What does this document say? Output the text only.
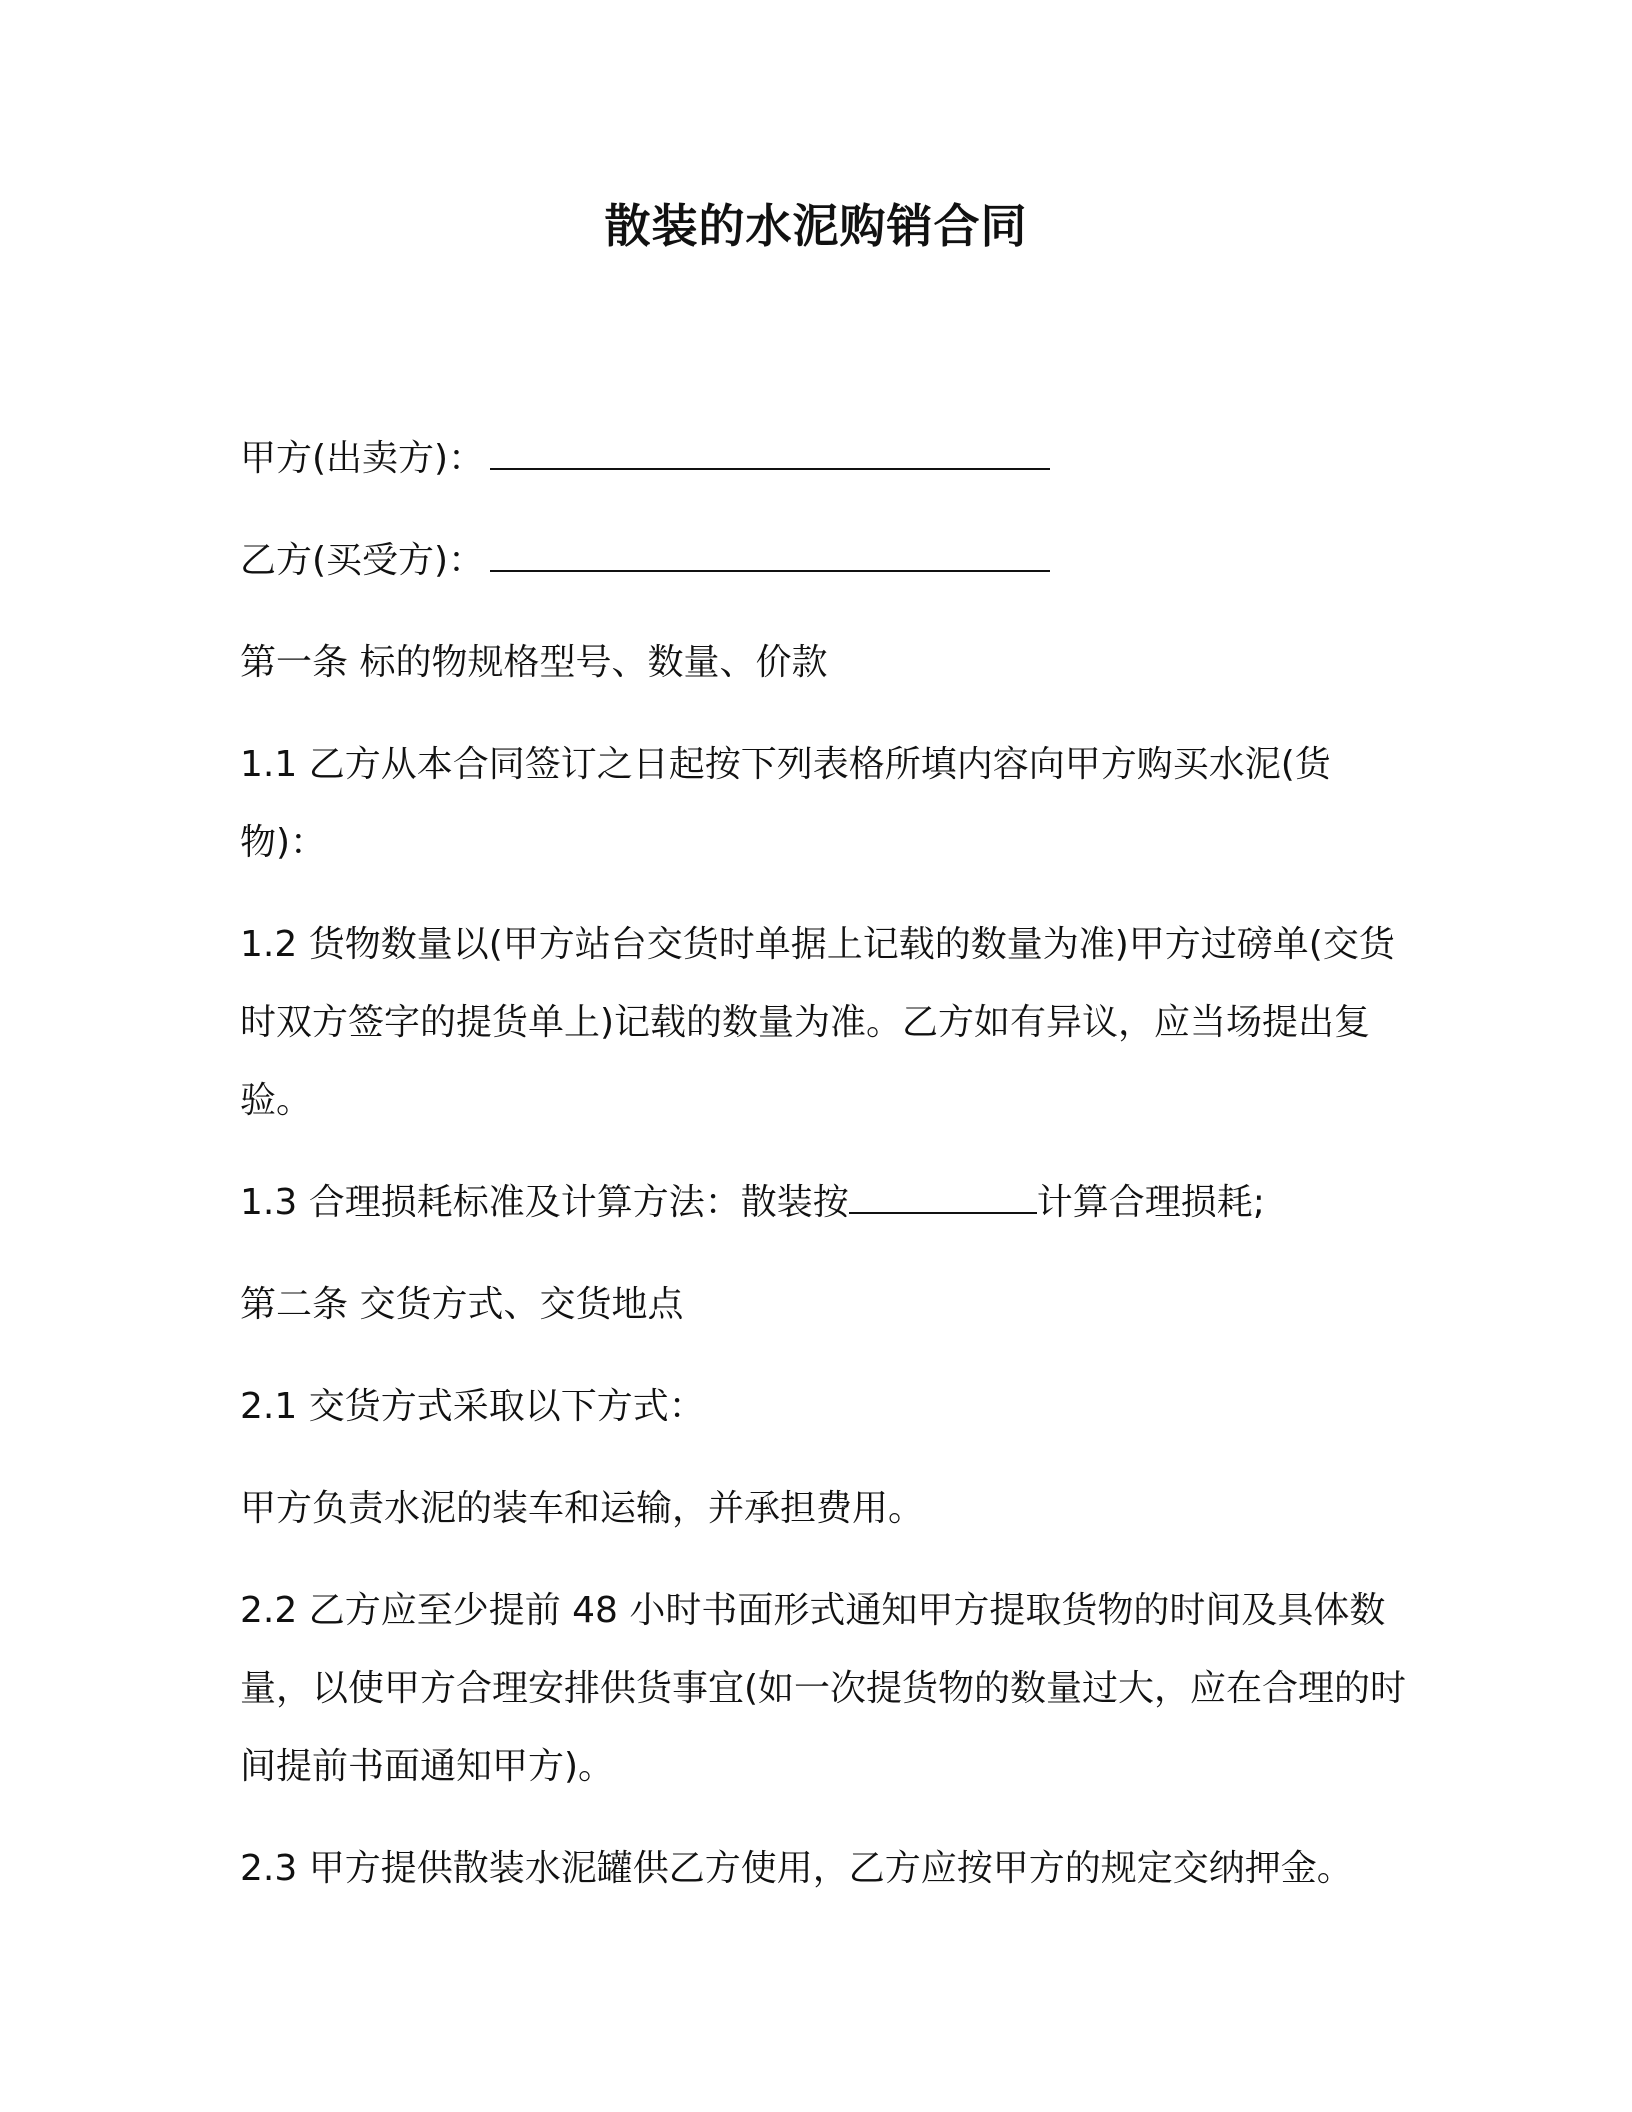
散装的水泥购销合同

甲方(出卖方)：

乙方(买受方)：

第一条 标的物规格型号、数量、价款

1.1 乙方从本合同签订之日起按下列表格所填内容向甲方购买水泥(货物)：

1.2 货物数量以(甲方站台交货时单据上记载的数量为准)甲方过磅单(交货时双方签字的提货单上)记载的数量为准。乙方如有异议，应当场提出复验。

1.3 合理损耗标准及计算方法：散装按	计算合理损耗;

第二条 交货方式、交货地点

2.1 交货方式采取以下方式：

甲方负责水泥的装车和运输，并承担费用。

2.2 乙方应至少提前 48 小时书面形式通知甲方提取货物的时间及具体数量，以使甲方合理安排供货事宜(如一次提货物的数量过大，应在合理的时间提前书面通知甲方)。

2.3 甲方提供散装水泥罐供乙方使用，乙方应按甲方的规定交纳押金。
